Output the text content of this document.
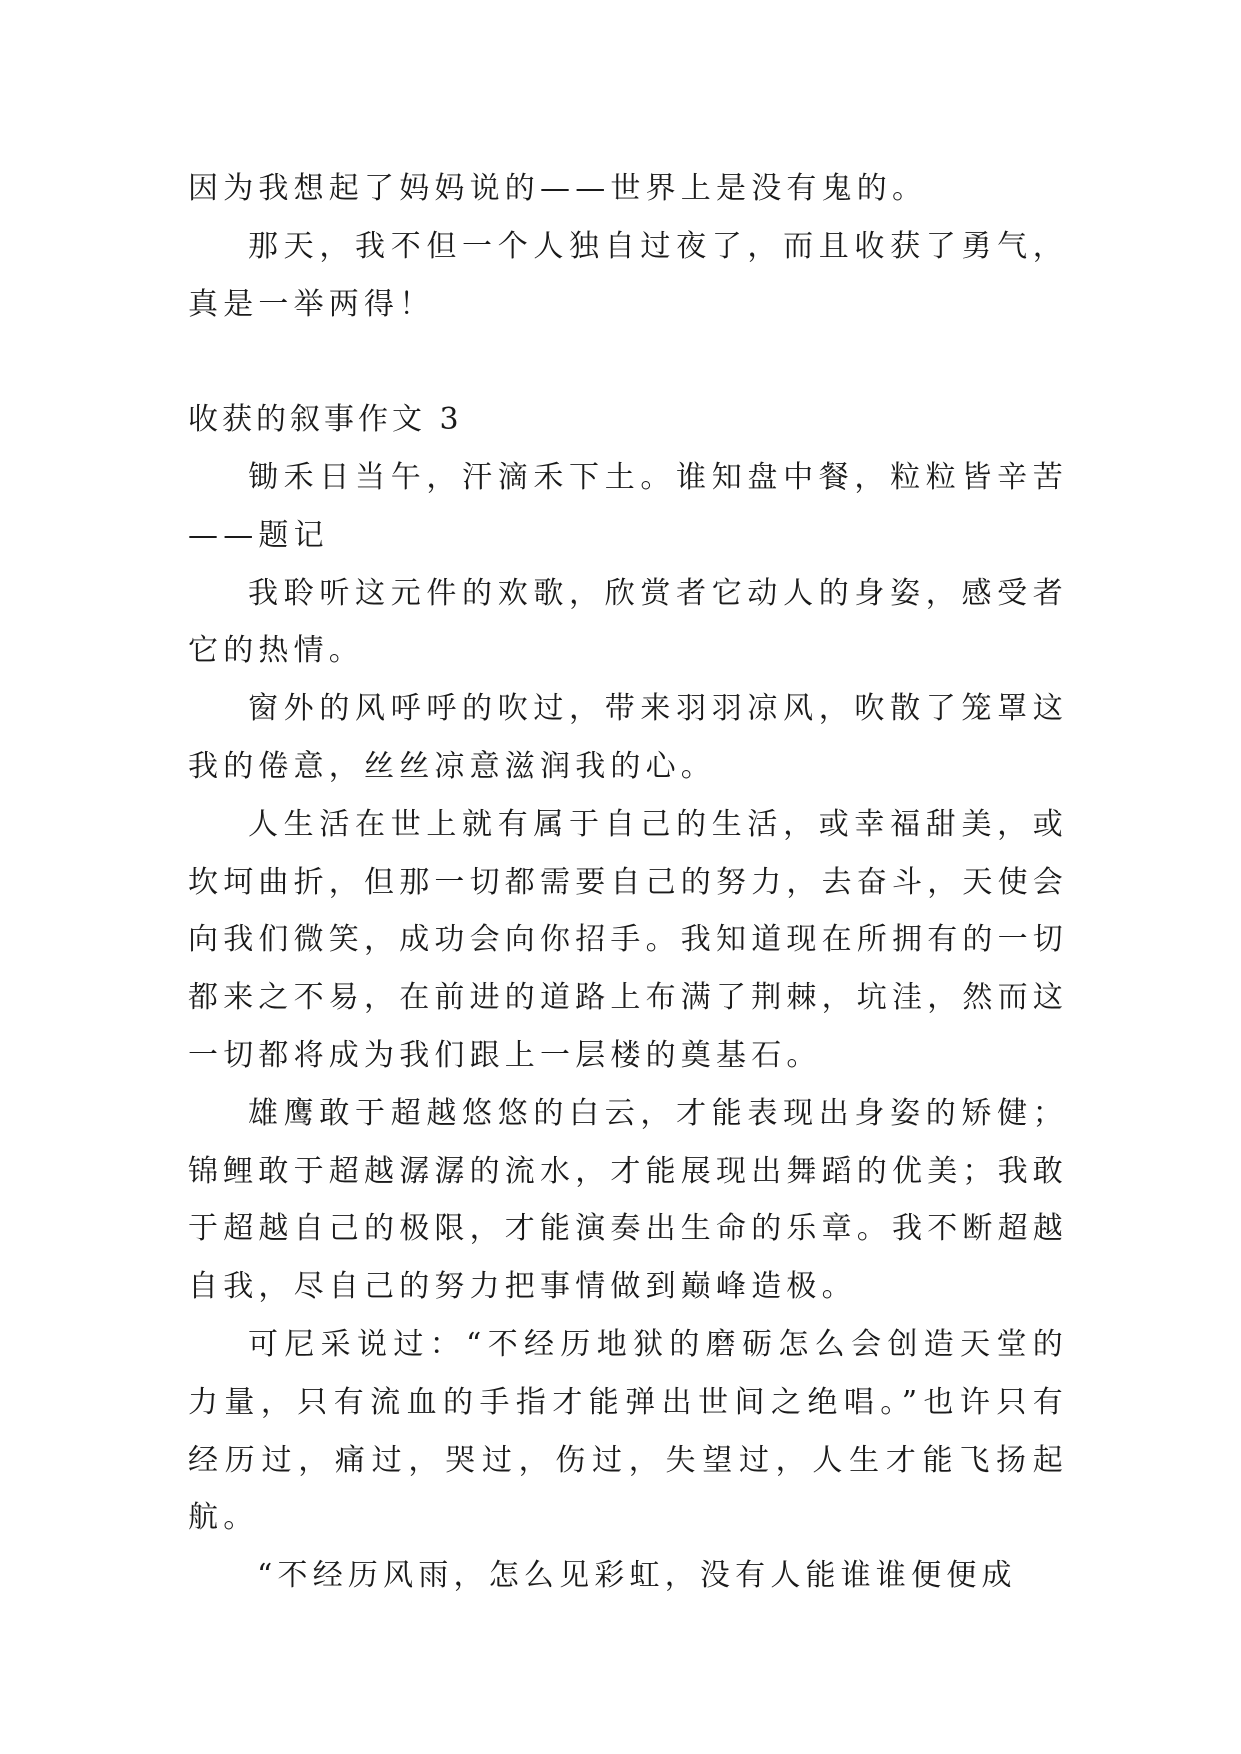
因为我想起了妈妈说的——世界上是没有鬼的。

那天，我不但一个人独自过夜了，而且收获了勇气，真是一举两得！

收获的叙事作文 3

锄禾日当午，汗滴禾下土。谁知盘中餐，粒粒皆辛苦——题记

我聆听这元件的欢歌，欣赏者它动人的身姿，感受者它的热情。

窗外的风呼呼的吹过，带来羽羽凉风，吹散了笼罩这我的倦意，丝丝凉意滋润我的心。

人生活在世上就有属于自己的生活，或幸福甜美，或坎坷曲折，但那一切都需要自己的努力，去奋斗，天使会向我们微笑，成功会向你招手。我知道现在所拥有的一切都来之不易，在前进的道路上布满了荆棘，坑洼，然而这一切都将成为我们跟上一层楼的奠基石。

雄鹰敢于超越悠悠的白云，才能表现出身姿的矫健；锦鲤敢于超越潺潺的流水，才能展现出舞蹈的优美；我敢于超越自己的极限，才能演奏出生命的乐章。我不断超越自我，尽自己的努力把事情做到巅峰造极。

可尼采说过：“不经历地狱的磨砺怎么会创造天堂的力量，只有流血的手指才能弹出世间之绝唱。”也许只有经历过，痛过，哭过，伤过，失望过，人生才能飞扬起航。

“不经历风雨，怎么见彩虹，没有人能谁谁便便成
